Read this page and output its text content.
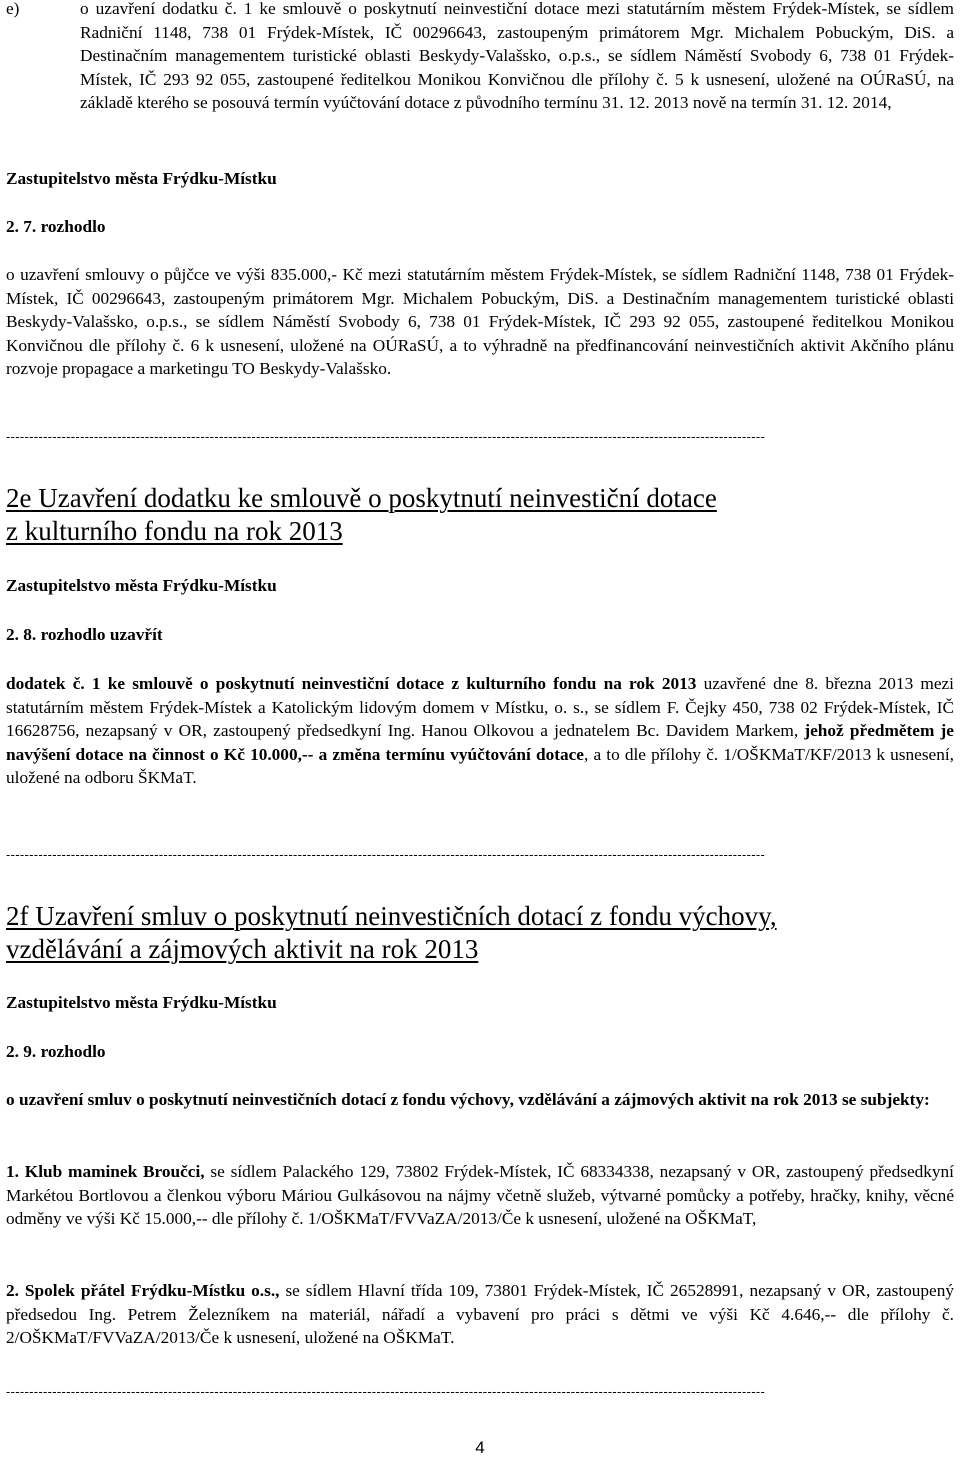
e)	o uzavření dodatku č. 1 ke smlouvě o poskytnutí neinvestiční dotace mezi statutárním městem Frýdek-Místek, se sídlem Radniční 1148, 738 01 Frýdek-Místek, IČ 00296643, zastoupeným primátorem Mgr. Michalem Pobuckým, DiS. a Destinačním managementem turistické oblasti Beskydy-Valašsko, o.p.s., se sídlem Náměstí Svobody 6, 738 01 Frýdek-Místek, IČ 293 92 055, zastoupené ředitelkou Monikou Konvičnou dle přílohy č. 5 k usnesení, uložené na OÚRaSÚ, na základě kterého se posouvá termín vyúčtování dotace z původního termínu 31. 12. 2013 nově na termín 31. 12. 2014,

Zastupitelstvo města Frýdku-Místku
2. 7. rozhodlo

o uzavření smlouvy o půjčce ve výši 835.000,- Kč mezi statutárním městem Frýdek-Místek, se sídlem Radniční 1148, 738 01 Frýdek-Místek, IČ 00296643, zastoupeným primátorem Mgr. Michalem Pobuckým, DiS. a Destinačním managementem turistické oblasti Beskydy-Valašsko, o.p.s., se sídlem Náměstí Svobody 6, 738 01 Frýdek-Místek, IČ 293 92 055, zastoupené ředitelkou Monikou Konvičnou dle přílohy č. 6 k usnesení, uložené na OÚRaSÚ, a to výhradně na předfinancování neinvestičních aktivit Akčního plánu rozvoje propagace a marketingu TO Beskydy-Valašsko.

--------------------------------------------------------------------------------------------------------------------------------------------------------------------
2e Uzavření dodatku ke smlouvě o poskytnutí neinvestiční dotace
z kulturního fondu na rok 2013
Zastupitelstvo města Frýdku-Místku
2. 8. rozhodlo uzavřít

dodatek č. 1 ke smlouvě o poskytnutí neinvestiční dotace z kulturního fondu na rok 2013 uzavřené dne 8. března 2013 mezi statutárním městem Frýdek-Místek a Katolickým lidovým domem v Místku, o. s., se sídlem F. Čejky 450, 738 02 Frýdek-Místek, IČ 16628756, nezapsaný v OR, zastoupený předsedkyní Ing. Hanou Olkovou a jednatelem Bc. Davidem Markem, jehož předmětem je navýšení dotace na činnost o Kč 10.000,-- a změna termínu vyúčtování dotace, a to dle přílohy č. 1/OŠKMaT/KF/2013 k usnesení, uložené na odboru ŠKMaT.

--------------------------------------------------------------------------------------------------------------------------------------------------------------------
2f Uzavření smluv o poskytnutí neinvestičních dotací z fondu výchovy,
vzdělávání a zájmových aktivit na rok 2013
Zastupitelstvo města Frýdku-Místku
2. 9. rozhodlo

o uzavření smluv o poskytnutí neinvestičních dotací z fondu výchovy, vzdělávání a zájmových aktivit na rok 2013 se subjekty:

1. Klub maminek Broučci, se sídlem Palackého 129, 73802 Frýdek-Místek, IČ 68334338, nezapsaný v OR, zastoupený předsedkyní Markétou Bortlovou a členkou výboru Máriou Gulkásovou na nájmy včetně služeb, výtvarné pomůcky a potřeby, hračky, knihy, věcné odměny ve výši Kč 15.000,-- dle přílohy č. 1/OŠKMaT/FVVaZA/2013/Če k usnesení, uložené na OŠKMaT,

2. Spolek přátel Frýdku-Místku o.s., se sídlem Hlavní třída 109, 73801 Frýdek-Místek, IČ 26528991, nezapsaný v OR, zastoupený předsedou Ing. Petrem Železníkem na materiál, nářadí a vybavení pro práci s dětmi ve výši Kč 4.646,-- dle přílohy č. 2/OŠKMaT/FVVaZA/2013/Če k usnesení, uložené na OŠKMaT.

--------------------------------------------------------------------------------------------------------------------------------------------------------------------
4
